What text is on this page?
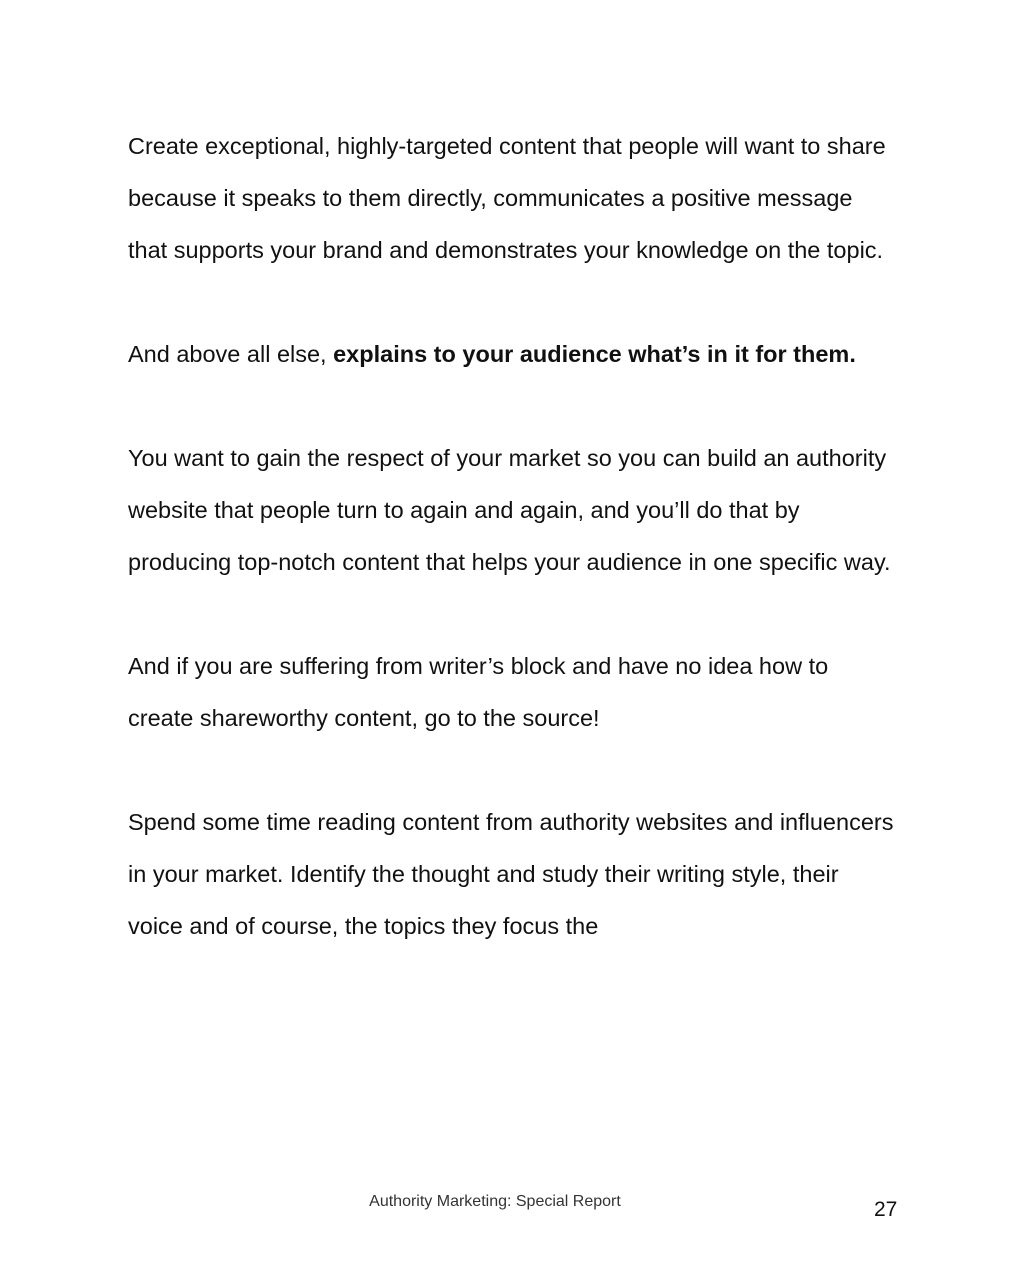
Create exceptional, highly-targeted content that people will want to share because it speaks to them directly, communicates a positive message that supports your brand and demonstrates your knowledge on the topic.

And above all else, explains to your audience what’s in it for them.

You want to gain the respect of your market so you can build an authority website that people turn to again and again, and you’ll do that by producing top-notch content that helps your audience in one specific way.

And if you are suffering from writer’s block and have no idea how to create shareworthy content, go to the source!

Spend some time reading content from authority websites and influencers in your market. Identify the thought and study their writing style, their voice and of course, the topics they focus the

Authority Marketing: Special Report	27
